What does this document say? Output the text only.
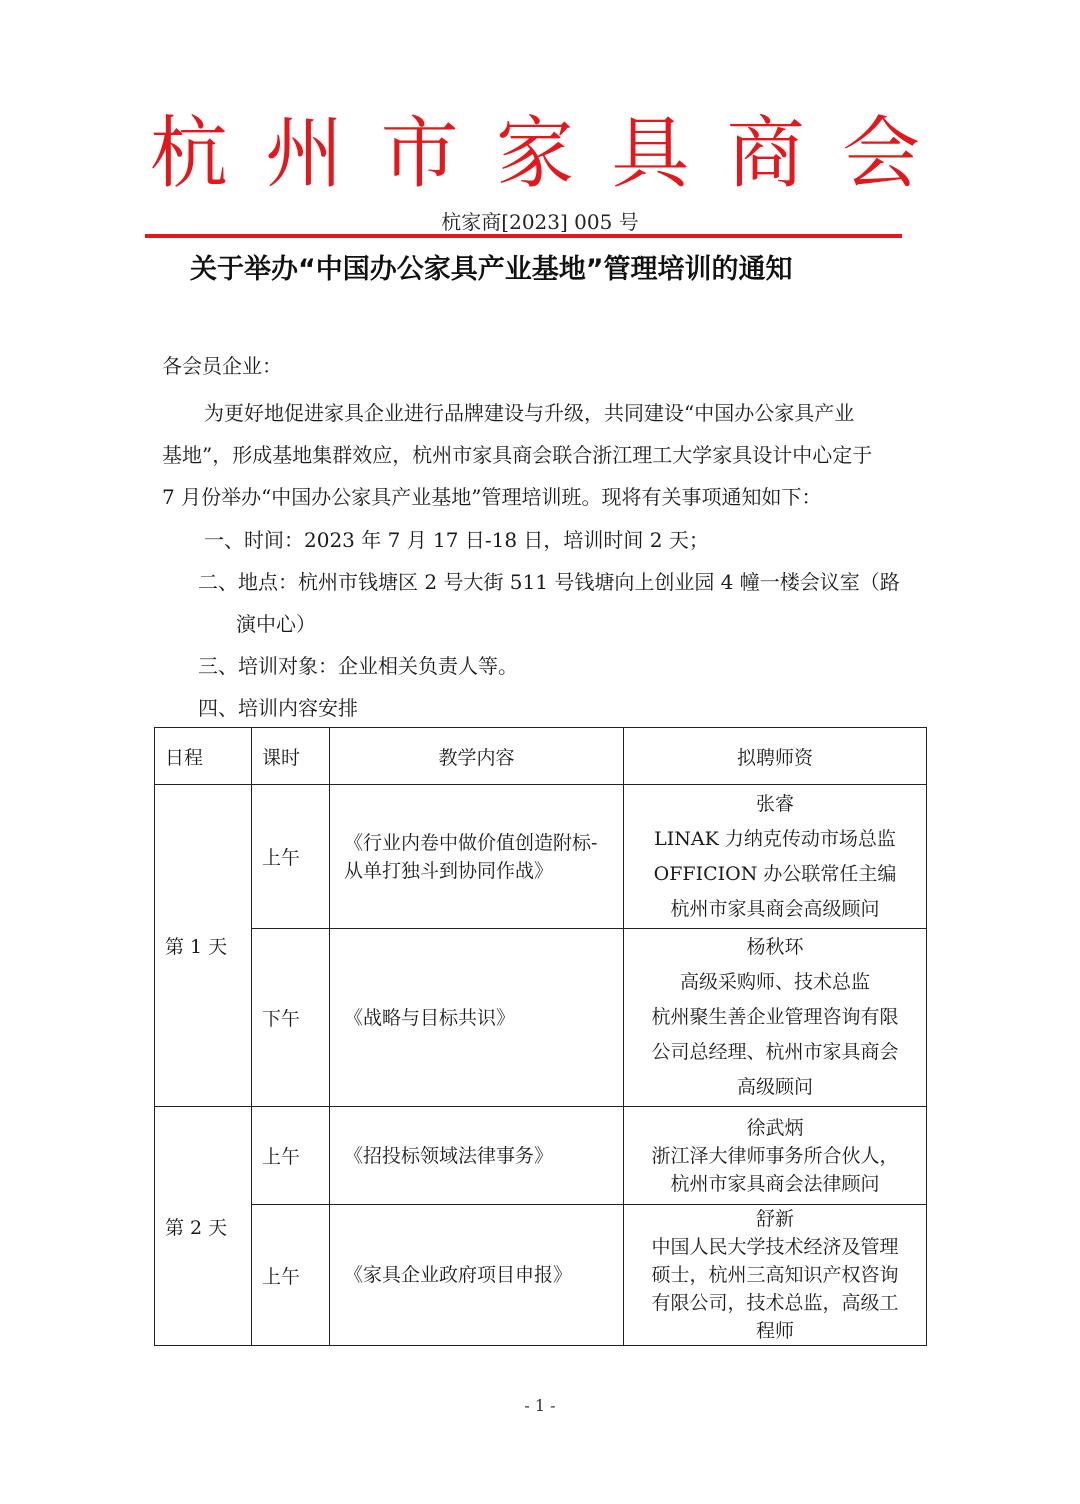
杭 州 市 家 具 商 会
杭家商[2023] 005 号
关于举办“中国办公家具产业基地”管理培训的通知
各会员企业：
为更好地促进家具企业进行品牌建设与升级，共同建设“中国办公家具产业
基地”，形成基地集群效应，杭州市家具商会联合浙江理工大学家具设计中心定于
7 月份举办“中国办公家具产业基地”管理培训班。现将有关事项通知如下：
一、时间：2023 年 7 月 17 日-18 日，培训时间 2 天；
二、地点：杭州市钱塘区 2 号大街 511 号钱塘向上创业园 4 幢一楼会议室（路
演中心）
三、培训对象：企业相关负责人等。
四、培训内容安排
日程	课时	教学内容	拟聘师资
第 1 天	上午	《行业内卷中做价值创造附标-从单打独斗到协同作战》	张睿
LINAK 力纳克传动市场总监
OFFICION 办公联常任主编
杭州市家具商会高级顾问

	下午	《战略与目标共识》	杨秋环
高级采购师、技术总监
杭州聚生善企业管理咨询有限
公司总经理、杭州市家具商会
高级顾问

第 2 天	上午	《招投标领域法律事务》	徐武炳
浙江泽大律师事务所合伙人，
杭州市家具商会法律顾问

	上午	《家具企业政府项目申报》	舒新
中国人民大学技术经济及管理
硕士，杭州三高知识产权咨询
有限公司，技术总监，高级工
程师
- 1 -
